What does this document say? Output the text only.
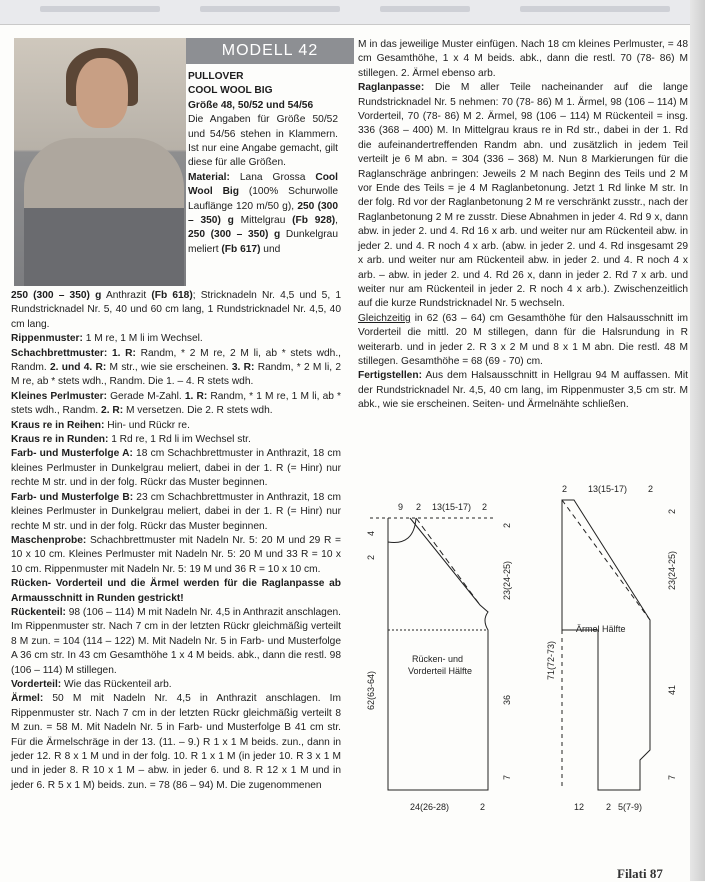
MODELL 42

PULLOVER

COOL WOOL BIG

Größe 48, 50/52 und 54/56

Die Angaben für Größe 50/52 und 54/56 stehen in Klammern. Ist nur eine Angabe gemacht, gilt diese für alle Größen.

Material: Lana Grossa Cool Wool Big (100% Schurwolle Lauflänge 120 m/50 g), 250 (300 – 350) g Mittelgrau (Fb 928), 250 (300 – 350) g Dunkelgrau meliert (Fb 617) und

250 (300 – 350) g Anthrazit (Fb 618); Stricknadeln Nr. 4,5 und 5, 1 Rundstricknadel Nr. 5, 40 und 60 cm lang, 1 Rundstricknadel Nr. 4,5, 40 cm lang.

Rippenmuster: 1 M re, 1 M li im Wechsel.

Schachbrettmuster: 1. R: Randm, * 2 M re, 2 M li, ab * stets wdh., Randm. 2. und 4. R: M str., wie sie erscheinen. 3. R: Randm, * 2 M li, 2 M re, ab * stets wdh., Randm. Die 1. – 4. R stets wdh.

Kleines Perlmuster: Gerade M-Zahl. 1. R: Randm, * 1 M re, 1 M li, ab * stets wdh., Randm. 2. R: M versetzen. Die 2. R stets wdh.

Kraus re in Reihen: Hin- und Rückr re.

Kraus re in Runden: 1 Rd re, 1 Rd li im Wechsel str.

Farb- und Musterfolge A: 18 cm Schachbrettmuster in Anthrazit, 18 cm kleines Perlmuster in Dunkelgrau meliert, dabei in der 1. R (= Hinr) nur rechte M str. und in der folg. Rückr das Muster beginnen.

Farb- und Musterfolge B: 23 cm Schachbrettmuster in Anthrazit, 18 cm kleines Perlmuster in Dunkelgrau meliert, dabei in der 1. R (= Hinr) nur rechte M str. und in der folg. Rückr das Muster beginnen.

Maschenprobe: Schachbrettmuster mit Nadeln Nr. 5: 20 M und 29 R = 10 x 10 cm. Kleines Perlmuster mit Nadeln Nr. 5: 20 M und 33 R = 10 x 10 cm. Rippenmuster mit Nadeln Nr. 5: 19 M und 36 R = 10 x 10 cm.

Rücken- Vorderteil und die Ärmel werden für die Raglanpasse ab Armausschnitt in Runden gestrickt!

Rückenteil: 98 (106 – 114) M mit Nadeln Nr. 4,5 in Anthrazit anschlagen. Im Rippenmuster str. Nach 7 cm in der letzten Rückr gleichmäßig verteilt 8 M zun. = 104 (114 – 122) M. Mit Nadeln Nr. 5 in Farb- und Musterfolge A 36 cm str. In 43 cm Gesamthöhe 1 x 4 M beids. abk., dann die restl. 98 (106 – 114) M stillegen.

Vorderteil: Wie das Rückenteil arb.

Ärmel: 50 M mit Nadeln Nr. 4,5 in Anthrazit anschlagen. Im Rippenmuster str. Nach 7 cm in der letzten Rückr gleichmäßig verteilt 8 M zun. = 58 M. Mit Nadeln Nr. 5 in Farb- und Musterfolge B 41 cm str. Für die Ärmelschräge in der 13. (11. – 9.) R 1 x 1 M beids. zun., dann in jeder 12. R 8 x 1 M und in der folg. 10. R 1 x 1 M (in jeder 10. R 3 x 1 M und in jeder 8. R 10 x 1 M – abw. in jeder 6. und 8. R 12 x 1 M und in jeder 6. R 5 x 1 M) beids. zun. = 78 (86 – 94) M. Die zugenommenen

M in das jeweilige Muster einfügen. Nach 18 cm kleines Perlmuster, = 48 cm Gesamthöhe, 1 x 4 M beids. abk., dann die restl. 70 (78- 86) M stillegen. 2. Ärmel ebenso arb.

Raglanpasse: Die M aller Teile nacheinander auf die lange Rundstricknadel Nr. 5 nehmen: 70 (78- 86) M 1. Ärmel, 98 (106 – 114) M Vorderteil, 70 (78- 86) M 2. Ärmel, 98 (106 – 114) M Rückenteil = insg. 336 (368 – 400) M. In Mittelgrau kraus re in Rd str., dabei in der 1. Rd die aufeinandertreffenden Randm abn. und zusätzlich in jedem Teil verteilt je 6 M abn. = 304 (336 – 368) M. Nun 8 Markierungen für die Raglanschräge anbringen: Jeweils 2 M nach Beginn des Teils und 2 M vor Ende des Teils = je 4 M Raglanbetonung. Jetzt 1 Rd linke M str. In der folg. Rd vor der Raglanbetonung 2 M re verschränkt zusstr., nach der Raglanbetonung 2 M re zusstr. Diese Abnahmen in jeder 4. Rd 9 x, dann abw. in jeder 2. und 4. Rd 16 x arb. und weiter nur am Rückenteil abw. in jeder 2. und 4. R noch 4 x arb. (abw. in jeder 2. und 4. Rd insgesamt 29 x arb. und weiter nur am Rückenteil abw. in jeder 2. und 4. R noch 4 x arb. – abw. in jeder 2. und 4. Rd 26 x, dann in jeder 2. Rd 7 x arb. und weiter nur am Rückenteil in jeder 2. R noch 4 x arb.). Zwischenzeitlich auf die kurze Rundstricknadel Nr. 5 wechseln.

Gleichzeitig in 62 (63 – 64) cm Gesamthöhe für den Halsausschnitt im Vorderteil die mittl. 20 M stillegen, dann für die Halsrundung in R weiterarb. und in jeder 2. R 3 x 2 M und 8 x 1 M abn. Die restl. 48 M stillegen. Gesamthöhe = 68 (69 - 70) cm.

Fertigstellen: Aus dem Halsausschnitt in Hellgrau 94 M auffassen. Mit der Rundstricknadel Nr. 4,5, 40 cm lang, im Rippenmuster 3,5 cm str. M abk., wie sie erscheinen. Seiten- und Ärmelnähte schließen.

9 2 13(15-17) 2
4
2
62(63-64)
2
23(24-25)
36
7
24(26-28)	2
Rücken- und
Vorderteil Hälfte
2 13(15-17) 2
2
23(24-25)
41
7
71(72-73)
Ärmel Hälfte
12 2 5(7-9)
Filati 87
